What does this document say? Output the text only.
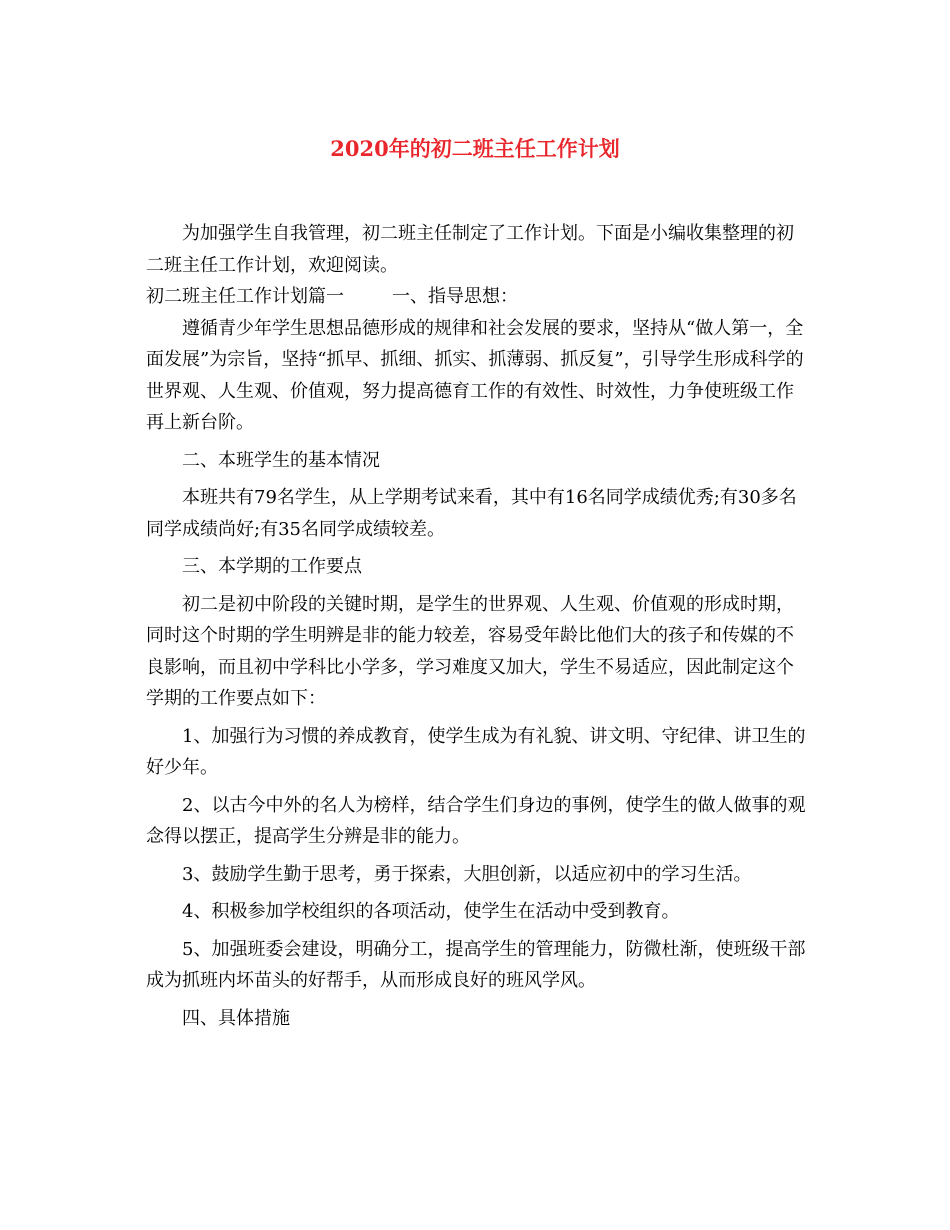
2020年的初二班主任工作计划

为加强学生自我管理，初二班主任制定了工作计划。下面是小编收集整理的初二班主任工作计划，欢迎阅读。

初二班主任工作计划篇一	一、指导思想：

遵循青少年学生思想品德形成的规律和社会发展的要求，坚持从“做人第一，全面发展”为宗旨，坚持“抓早、抓细、抓实、抓薄弱、抓反复”，引导学生形成科学的世界观、人生观、价值观，努力提高德育工作的有效性、时效性，力争使班级工作再上新台阶。

二、本班学生的基本情况

本班共有79名学生，从上学期考试来看，其中有16名同学成绩优秀;有30多名同学成绩尚好;有35名同学成绩较差。

三、本学期的工作要点

初二是初中阶段的关键时期，是学生的世界观、人生观、价值观的形成时期，同时这个时期的学生明辨是非的能力较差，容易受年龄比他们大的孩子和传媒的不良影响，而且初中学科比小学多，学习难度又加大，学生不易适应，因此制定这个学期的工作要点如下：

1、加强行为习惯的养成教育，使学生成为有礼貌、讲文明、守纪律、讲卫生的好少年。

2、以古今中外的名人为榜样，结合学生们身边的事例，使学生的做人做事的观念得以摆正，提高学生分辨是非的能力。

3、鼓励学生勤于思考，勇于探索，大胆创新，以适应初中的学习生活。

4、积极参加学校组织的各项活动，使学生在活动中受到教育。

5、加强班委会建设，明确分工，提高学生的管理能力，防微杜渐，使班级干部成为抓班内坏苗头的好帮手，从而形成良好的班风学风。

四、具体措施
